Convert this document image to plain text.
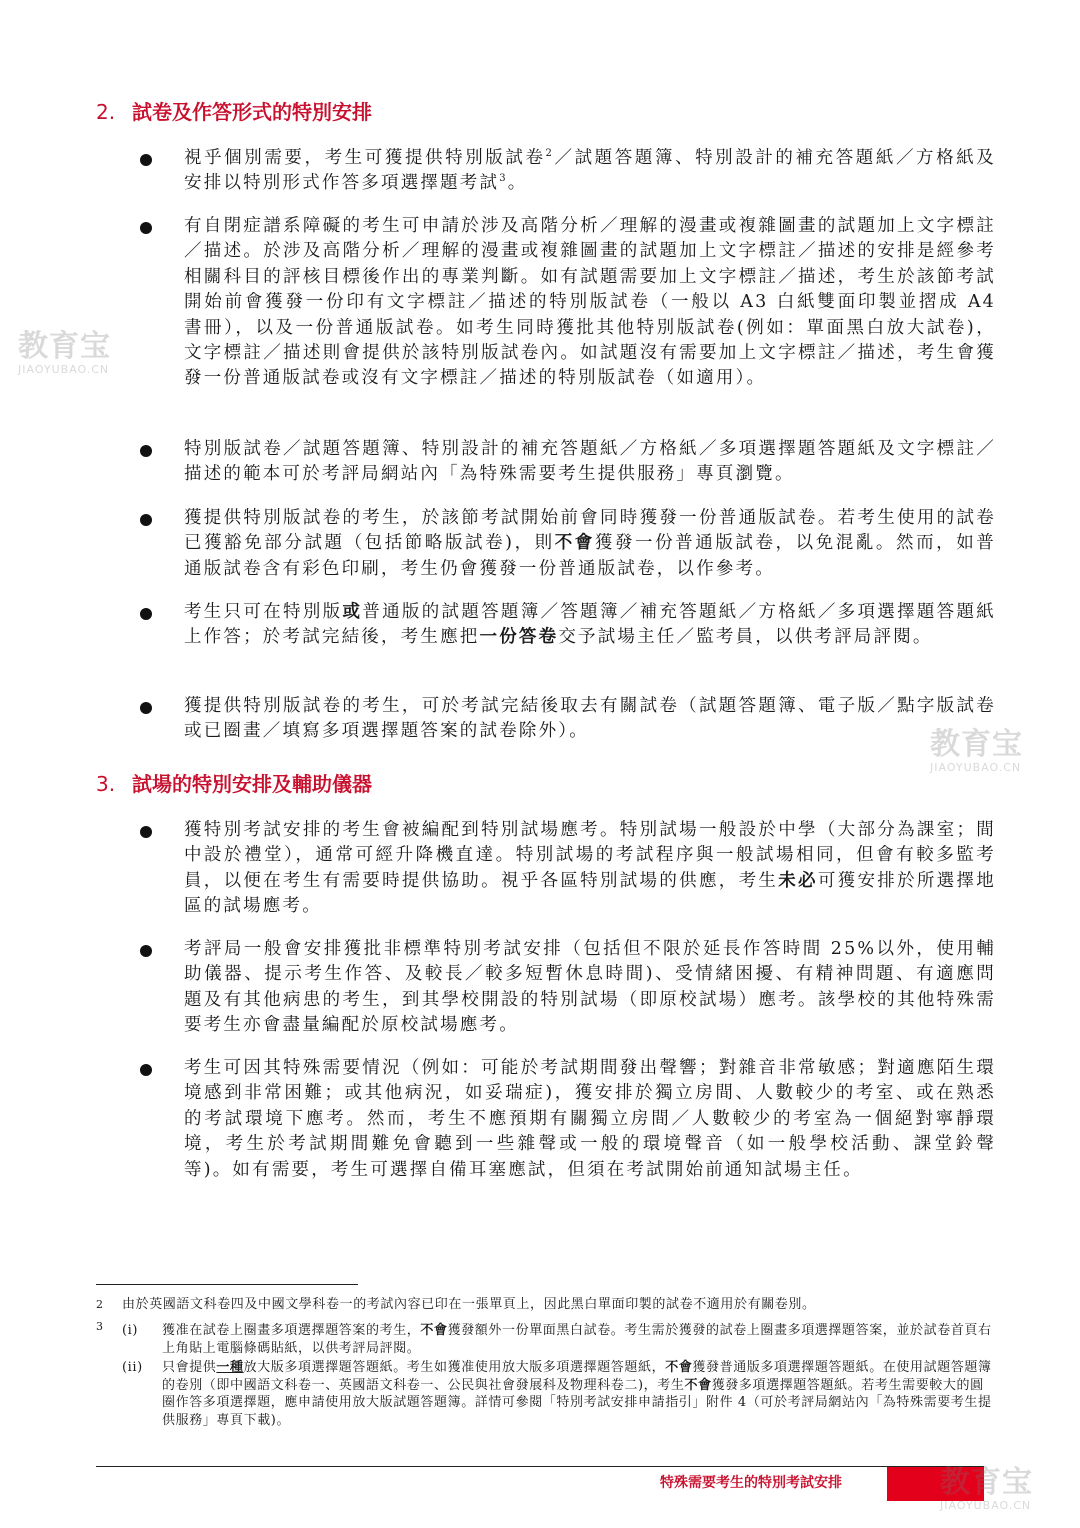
2. 試卷及作答形式的特別安排
視乎個別需要，考生可獲提供特別版試卷$^2$／試題答題簿、特別設計的補充答題紙／方格紙及安排以特別形式作答多項選擇題考試$^3$。
有自閉症譜系障礙的考生可申請於涉及高階分析／理解的漫畫或複雜圖畫的試題加上文字標註／描述。於涉及高階分析／理解的漫畫或複雜圖畫的試題加上文字標註／描述的安排是經參考相關科目的評核目標後作出的專業判斷。如有試題需要加上文字標註／描述，考生於該節考試開始前會獲發一份印有文字標註／描述的特別版試卷（一般以 A3 白紙雙面印製並摺成 A4 書冊），以及一份普通版試卷。如考生同時獲批其他特別版試卷(例如：單面黑白放大試卷)，文字標註／描述則會提供於該特別版試卷內。如試題沒有需要加上文字標註／描述，考生會獲發一份普通版試卷或沒有文字標註／描述的特別版試卷（如適用）。
特別版試卷／試題答題簿、特別設計的補充答題紙／方格紙／多項選擇題答題紙及文字標註／描述的範本可於考評局網站內「為特殊需要考生提供服務」專頁瀏覽。
獲提供特別版試卷的考生，於該節考試開始前會同時獲發一份普通版試卷。若考生使用的試卷已獲豁免部分試題（包括節略版試卷)，則不會獲發一份普通版試卷，以免混亂。然而，如普通版試卷含有彩色印刷，考生仍會獲發一份普通版試卷，以作參考。
考生只可在特別版或普通版的試題答題簿／答題簿／補充答題紙／方格紙／多項選擇題答題紙上作答；於考試完結後，考生應把一份答卷交予試場主任／監考員，以供考評局評閱。
獲提供特別版試卷的考生，可於考試完結後取去有關試卷（試題答題簿、電子版／點字版試卷或已圈畫／填寫多項選擇題答案的試卷除外）。
3. 試場的特別安排及輔助儀器
獲特別考試安排的考生會被編配到特別試場應考。特別試場一般設於中學（大部分為課室；間中設於禮堂），通常可經升降機直達。特別試場的考試程序與一般試場相同，但會有較多監考員，以便在考生有需要時提供協助。視乎各區特別試場的供應，考生未必可獲安排於所選擇地區的試場應考。
考評局一般會安排獲批非標準特別考試安排（包括但不限於延長作答時間 25%以外，使用輔助儀器、提示考生作答、及較長／較多短暫休息時間)、受情緒困擾、有精神問題、有適應問題及有其他病患的考生，到其學校開設的特別試場（即原校試場）應考。該學校的其他特殊需要考生亦會盡量編配於原校試場應考。
考生可因其特殊需要情況（例如：可能於考試期間發出聲響；對雜音非常敏感；對適應陌生環境感到非常困難；或其他病況，如妥瑞症)，獲安排於獨立房間、人數較少的考室、或在熟悉的考試環境下應考。然而，考生不應預期有關獨立房間／人數較少的考室為一個絕對寧靜環境，考生於考試期間難免會聽到一些雜聲或一般的環境聲音（如一般學校活動、課堂鈴聲等)。如有需要，考生可選擇自備耳塞應試，但須在考試開始前通知試場主任。
2 由於英國語文科卷四及中國文學科卷一的考試內容已印在一張單頁上，因此黑白單面印製的試卷不適用於有關卷別。
3 (i) 獲准在試卷上圈畫多項選擇題答案的考生，不會獲發額外一份單面黑白試卷。考生需於獲發的試卷上圈畫多項選擇題答案，並於試卷首頁右上角貼上電腦條碼貼紙，以供考評局評閱。
(ii) 只會提供一種放大版多項選擇題答題紙。考生如獲准使用放大版多項選擇題答題紙，不會獲發普通版多項選擇題答題紙。在使用試題答題簿的卷別（即中國語文科卷一、英國語文科卷一、公民與社會發展科及物理科卷二)，考生不會獲發多項選擇題答題紙。若考生需要較大的圓圈作答多項選擇題，應申請使用放大版試題答題簿。詳情可參閱「特別考試安排申請指引」附件 4（可於考評局網站內「為特殊需要考生提供服務」專頁下載)。
特殊需要考生的特別考試安排
教育宝
JIAOYUBAO.CN
教育宝
JIAOYUBAO.CN
教育宝
JIAOYUBAO.CN
